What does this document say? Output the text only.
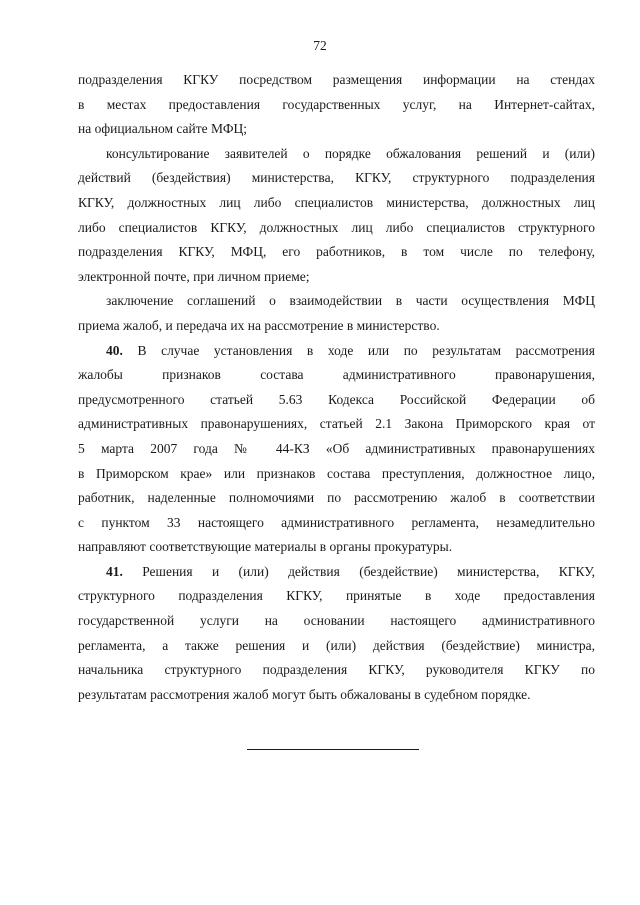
72
подразделения КГКУ посредством размещения информации на стендах
в местах предоставления государственных услуг, на Интернет-сайтах,
на официальном сайте МФЦ;
консультирование заявителей о порядке обжалования решений и (или)
действий (бездействия) министерства, КГКУ, структурного подразделения
КГКУ, должностных лиц либо специалистов министерства, должностных лиц
либо специалистов КГКУ, должностных лиц либо специалистов структурного
подразделения КГКУ, МФЦ, его работников, в том числе по телефону,
электронной почте, при личном приеме;
заключение соглашений о взаимодействии в части осуществления МФЦ
приема жалоб, и передача их на рассмотрение в министерство.
40. В случае установления в ходе или по результатам рассмотрения
жалобы признаков состава административного правонарушения,
предусмотренного статьей 5.63 Кодекса Российской Федерации об
административных правонарушениях, статьей 2.1 Закона Приморского края от
5 марта 2007 года № 44-КЗ «Об административных правонарушениях
в Приморском крае» или признаков состава преступления, должностное лицо,
работник, наделенные полномочиями по рассмотрению жалоб в соответствии
с пунктом 33 настоящего административного регламента, незамедлительно
направляют соответствующие материалы в органы прокуратуры.
41. Решения и (или) действия (бездействие) министерства, КГКУ,
структурного подразделения КГКУ, принятые в ходе предоставления
государственной услуги на основании настоящего административного
регламента, а также решения и (или) действия (бездействие) министра,
начальника структурного подразделения КГКУ, руководителя КГКУ по
результатам рассмотрения жалоб могут быть обжалованы в судебном порядке.
